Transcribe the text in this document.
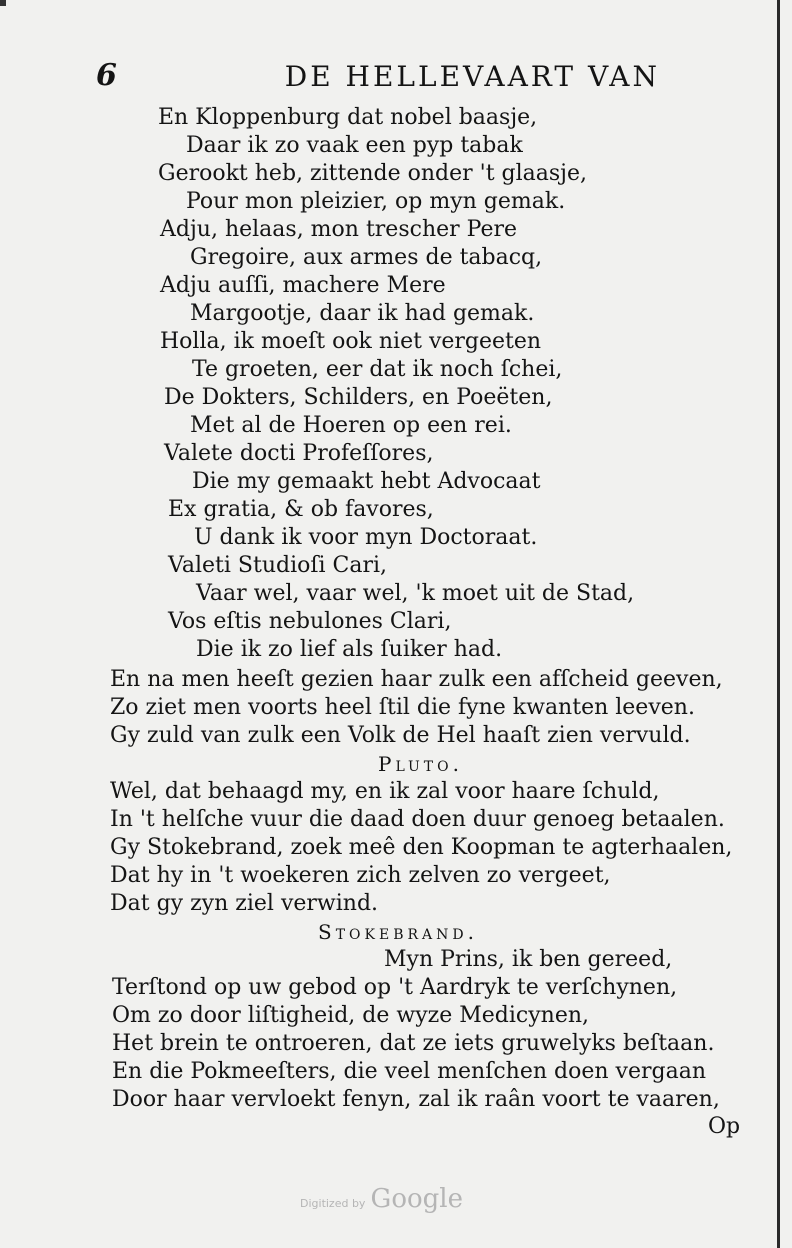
6	DE HELLEVAART VAN
En Kloppenburg dat nobel baasje,
Daar ik zo vaak een pyp tabak
Gerookt heb, zittende onder 't glaasje,
Pour mon pleizier, op myn gemak.
Adju, helaas, mon trescher Pere
Gregoire, aux armes de tabacq,
Adju auſſi, machere Mere
Margootje, daar ik had gemak.
Holla, ik moeſt ook niet vergeeten
Te groeten, eer dat ik noch ſchei,
De Dokters, Schilders, en Poeëten,
Met al de Hoeren op een rei.
Valete docti Profeſſores,
Die my gemaakt hebt Advocaat
Ex gratia, & ob favores,
U dank ik voor myn Doctoraat.
Valeti Studioſi Cari,
Vaar wel, vaar wel, 'k moet uit de Stad,
Vos eſtis nebulones Clari,
Die ik zo lief als ſuiker had.
En na men heeſt gezien haar zulk een afſcheid geeven,
Zo ziet men voorts heel ſtil die fyne kwanten leeven.
Gy zuld van zulk een Volk de Hel haaſt zien vervuld.
Pluto.
Wel, dat behaagd my, en ik zal voor haare ſchuld,
In 't helſche vuur die daad doen duur genoeg betaalen.
Gy Stokebrand, zoek meê den Koopman te agterhaalen,
Dat hy in 't woekeren zich zelven zo vergeet,
Dat gy zyn ziel verwind.
Stokebrand.
Myn Prins, ik ben gereed,
Terſtond op uw gebod op 't Aardryk te verſchynen,
Om zo door liſtigheid, de wyze Medicynen,
Het brein te ontroeren, dat ze iets gruwelyks beſtaan.
En die Pokmeeſters, die veel menſchen doen vergaan
Door haar vervloekt fenyn, zal ik raân voort te vaaren,
Op
Digitized by Google
